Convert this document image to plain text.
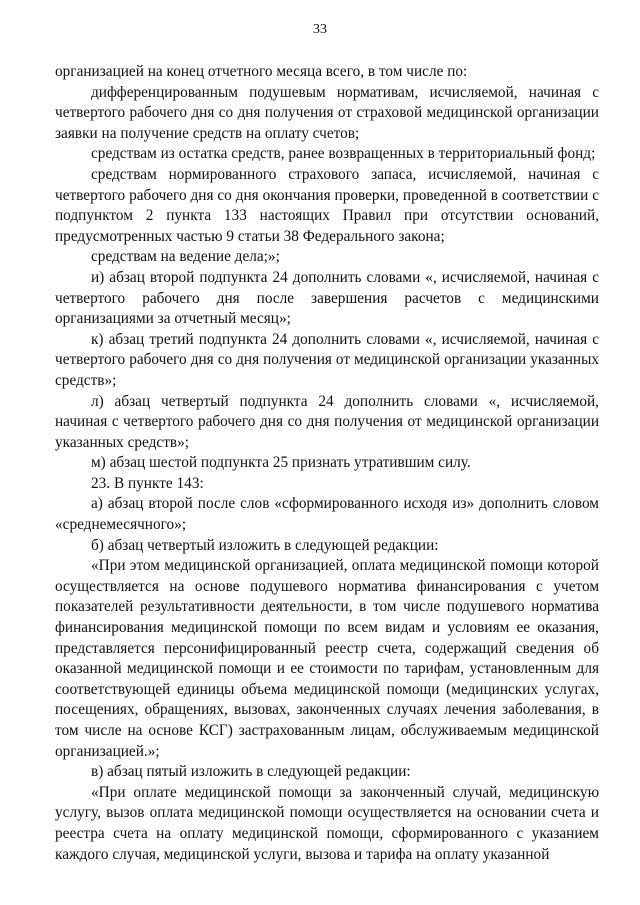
33

организацией на конец отчетного месяца всего, в том числе по:

дифференцированным подушевым нормативам, исчисляемой, начиная с четвертого рабочего дня со дня получения от страховой медицинской организации заявки на получение средств на оплату счетов;

средствам из остатка средств, ранее возвращенных в территориальный фонд;

средствам нормированного страхового запаса, исчисляемой, начиная с четвертого рабочего дня со дня окончания проверки, проведенной в соответствии с подпунктом 2 пункта 133 настоящих Правил при отсутствии оснований, предусмотренных частью 9 статьи 38 Федерального закона;

средствам на ведение дела;»;

и) абзац второй подпункта 24 дополнить словами «, исчисляемой, начиная с четвертого рабочего дня после завершения расчетов с медицинскими организациями за отчетный месяц»;

к) абзац третий подпункта 24 дополнить словами «, исчисляемой, начиная с четвертого рабочего дня со дня получения от медицинской организации указанных средств»;

л) абзац четвертый подпункта 24 дополнить словами «, исчисляемой, начиная с четвертого рабочего дня со дня получения от медицинской организации указанных средств»;

м) абзац шестой подпункта 25 признать утратившим силу.

23. В пункте 143:

а) абзац второй после слов «сформированного исходя из» дополнить словом «среднемесячного»;

б) абзац четвертый изложить в следующей редакции:

«При этом медицинской организацией, оплата медицинской помощи которой осуществляется на основе подушевого норматива финансирования с учетом показателей результативности деятельности, в том числе подушевого норматива финансирования медицинской помощи по всем видам и условиям ее оказания, представляется персонифицированный реестр счета, содержащий сведения об оказанной медицинской помощи и ее стоимости по тарифам, установленным для соответствующей единицы объема медицинской помощи (медицинских услугах, посещениях, обращениях, вызовах, законченных случаях лечения заболевания, в том числе на основе КСГ) застрахованным лицам, обслуживаемым медицинской организацией.»;

в) абзац пятый изложить в следующей редакции:

«При оплате медицинской помощи за законченный случай, медицинскую услугу, вызов оплата медицинской помощи осуществляется на основании счета и реестра счета на оплату медицинской помощи, сформированного с указанием каждого случая, медицинской услуги, вызова и тарифа на оплату указанной
